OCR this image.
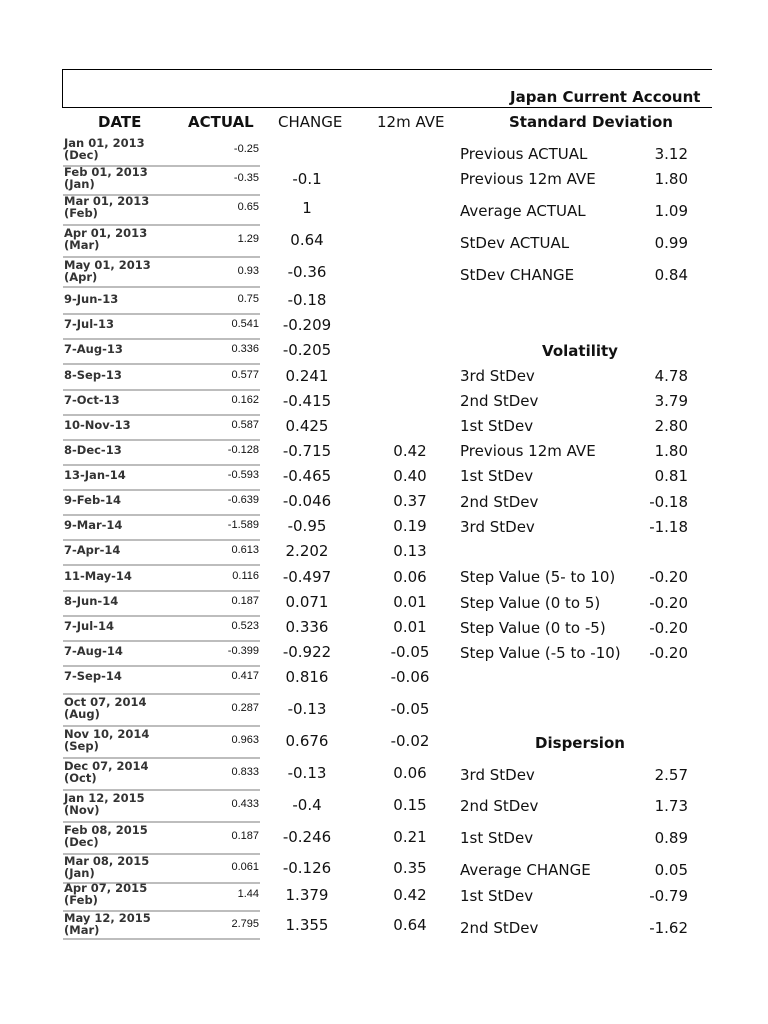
Japan Current Account
DATE	ACTUAL CHANGE 12m AVE	Standard Deviation
Jan 01, 2013
(Dec)	-0.25
Feb 01, 2013
(Jan)	-0.35	-0.1
Mar 01, 2013
(Feb)	0.65	1
Apr 01, 2013
(Mar)	1.29	0.64
May 01, 2013
(Apr)	0.93	-0.36
9-Jun-13	0.75	-0.18
7-Jul-13	0.541	-0.209
7-Aug-13	0.336	-0.205
8-Sep-13	0.577	0.241
7-Oct-13	0.162	-0.415
10-Nov-13	0.587	0.425
8-Dec-13	-0.128	-0.715	0.42
13-Jan-14	-0.593	-0.465	0.40
9-Feb-14	-0.639	-0.046	0.37
9-Mar-14	-1.589	-0.95	0.19
7-Apr-14	0.613	2.202	0.13
11-May-14	0.116	-0.497	0.06
8-Jun-14	0.187	0.071	0.01
7-Jul-14	0.523	0.336	0.01
7-Aug-14	-0.399	-0.922	-0.05
7-Sep-14	0.417	0.816	-0.06
Oct 07, 2014
(Aug)	0.287	-0.13	-0.05
Nov 10, 2014
(Sep)	0.963	0.676	-0.02
Dec 07, 2014
(Oct)	0.833	-0.13	0.06
Jan 12, 2015
(Nov)	0.433	-0.4	0.15
Feb 08, 2015
(Dec)	0.187	-0.246	0.21
Mar 08, 2015
(Jan)	0.061	-0.126	0.35
Apr 07, 2015
(Feb)	1.44	1.379	0.42
May 12, 2015
(Mar)	2.795	1.355	0.64
Previous ACTUAL	3.12
Previous 12m AVE	1.80
Average ACTUAL	1.09
StDev ACTUAL	0.99
StDev CHANGE	0.84
Volatility
3rd StDev	4.78
2nd StDev	3.79
1st StDev	2.80
Previous 12m AVE	1.80
1st StDev	0.81
2nd StDev	-0.18
3rd StDev	-1.18
Step Value (5- to 10)	-0.20
Step Value (0 to 5)	-0.20
Step Value (0 to -5)	-0.20
Step Value (-5 to -10)	-0.20
Dispersion
3rd StDev	2.57
2nd StDev	1.73
1st StDev	0.89
Average CHANGE	0.05
1st StDev	-0.79
2nd StDev	-1.62
